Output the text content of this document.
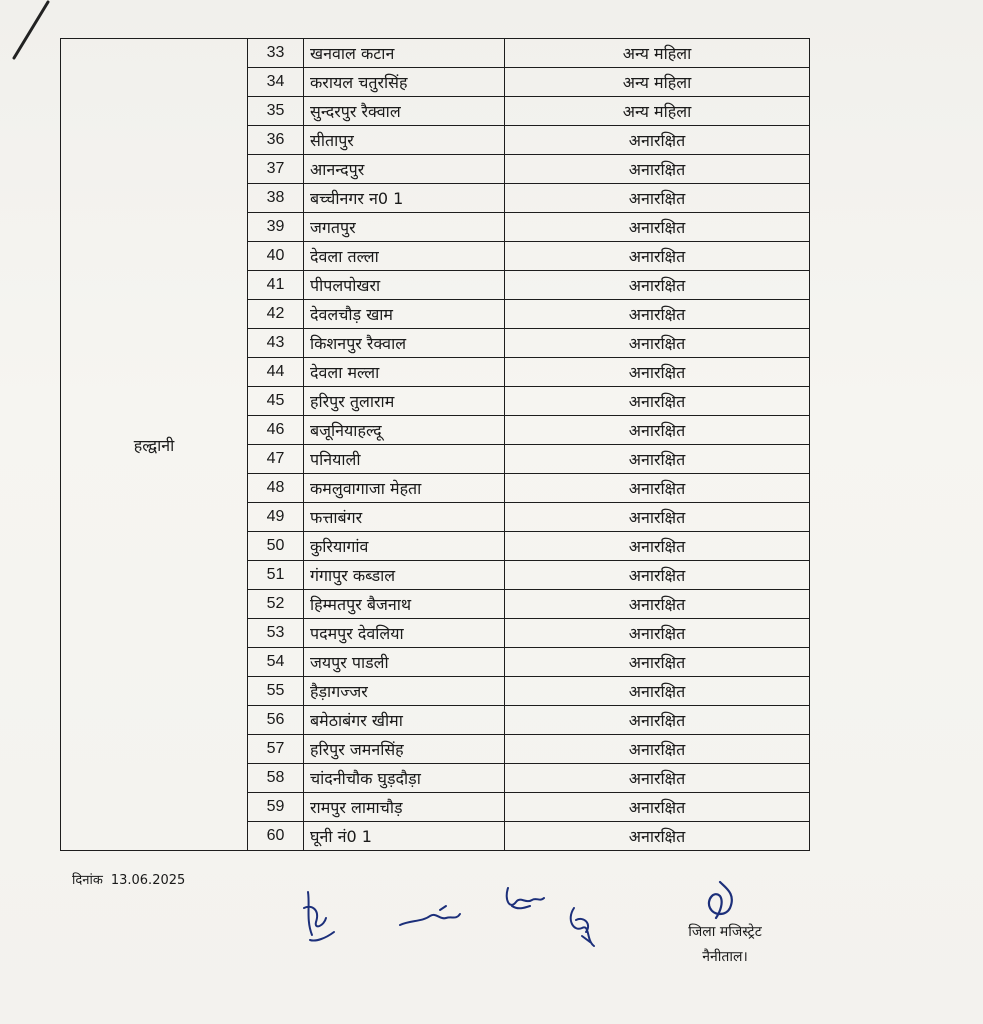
हल्द्वानी	33	खनवाल कटान	अन्य महिला
	34	करायल चतुरसिंह	अन्य महिला
	35	सुन्दरपुर रैक्वाल	अन्य महिला
	36	सीतापुर	अनारक्षित
	37	आनन्दपुर	अनारक्षित
	38	बच्चीनगर न0 1	अनारक्षित
	39	जगतपुर	अनारक्षित
	40	देवला तल्ला	अनारक्षित
	41	पीपलपोखरा	अनारक्षित
	42	देवलचौड़ खाम	अनारक्षित
	43	किशनपुर रैक्वाल	अनारक्षित
	44	देवला मल्ला	अनारक्षित
	45	हरिपुर तुलाराम	अनारक्षित
	46	बजूनियाहल्दू	अनारक्षित
	47	पनियाली	अनारक्षित
	48	कमलुवागाजा मेहता	अनारक्षित
	49	फत्ताबंगर	अनारक्षित
	50	कुरियागांव	अनारक्षित
	51	गंगापुर कब्डाल	अनारक्षित
	52	हिम्मतपुर बैजनाथ	अनारक्षित
	53	पदमपुर देवलिया	अनारक्षित
	54	जयपुर पाडली	अनारक्षित
	55	हैड़ागज्जर	अनारक्षित
	56	बमेठाबंगर खीमा	अनारक्षित
	57	हरिपुर जमनसिंह	अनारक्षित
	58	चांदनीचौक घुड़दौड़ा	अनारक्षित
	59	रामपुर लामाचौड़	अनारक्षित
	60	घूनी नं0 1	अनारक्षित
दिनांक 13.06.2025
जिला मजिस्ट्रेट
नैनीताल।
